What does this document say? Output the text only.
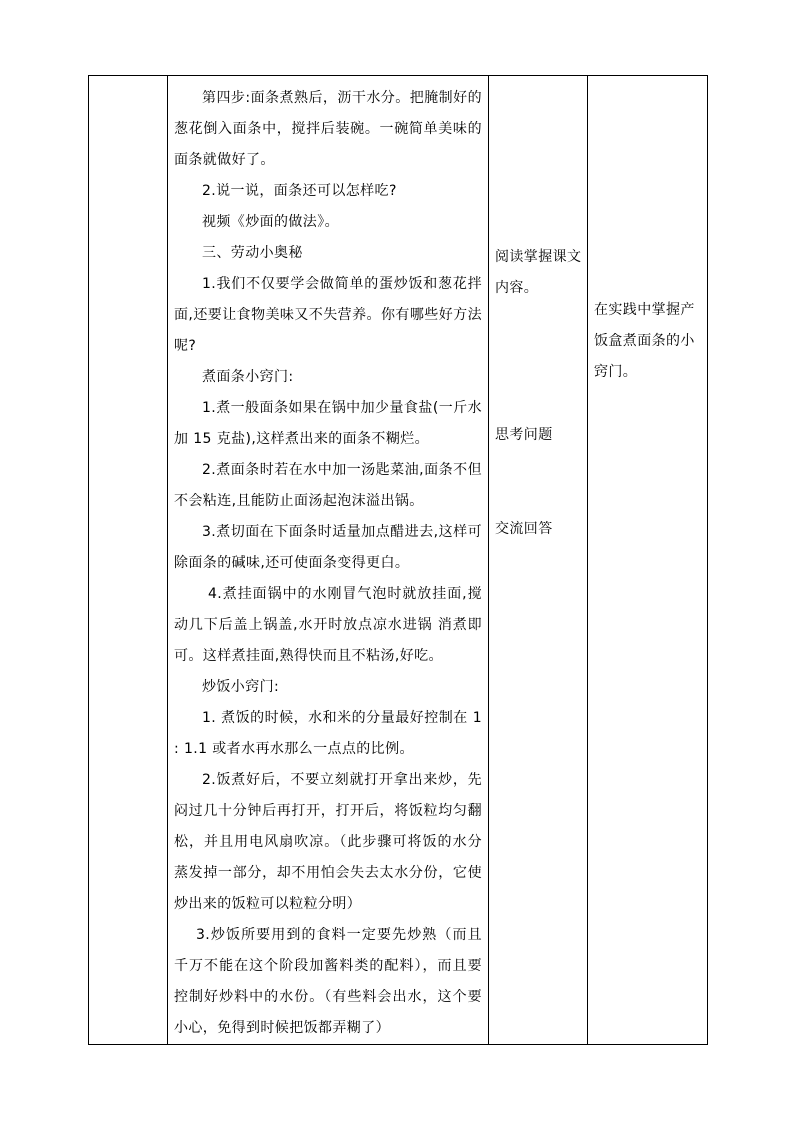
第四步:面条煮熟后，沥干水分。把腌制好的葱花倒入面条中，搅拌后装碗。一碗简单美味的面条就做好了。

2.说一说，面条还可以怎样吃?

视频《炒面的做法》。

三、劳动小奥秘

1.我们不仅要学会做简单的蛋炒饭和葱花拌面,还要让食物美味又不失营养。你有哪些好方法呢?

煮面条小窍门:

1.煮一般面条如果在锅中加少量食盐(一斤水加 15 克盐),这样煮出来的面条不糊烂。

2.煮面条时若在水中加一汤匙菜油,面条不但不会粘连,且能防止面汤起泡沫溢出锅。

3.煮切面在下面条时适量加点醋进去,这样可除面条的碱味,还可使面条变得更白。

4.煮挂面锅中的水刚冒气泡时就放挂面,搅动几下后盖上锅盖,水开时放点凉水进锅 消煮即可。这样煮挂面,熟得快而且不粘汤,好吃。

炒饭小窍门:

1. 煮饭的时候，水和米的分量最好控制在 1 : 1.1 或者水再水那么一点点的比例。

2.饭煮好后，不要立刻就打开拿出来炒，先闷过几十分钟后再打开，打开后，将饭粒均匀翻松，并且用电风扇吹凉。（此步骤可将饭的水分蒸发掉一部分，却不用怕会失去太水分份，它使炒出来的饭粒可以粒粒分明）

3.炒饭所要用到的食料一定要先炒熟（而且千万不能在这个阶段加酱料类的配料），而且要控制好炒料中的水份。（有些料会出水，这个要小心，免得到时候把饭都弄糊了）

阅读掌握课文内容。
思考问题
交流回答

在实践中掌握产饭盒煮面条的小窍门。
